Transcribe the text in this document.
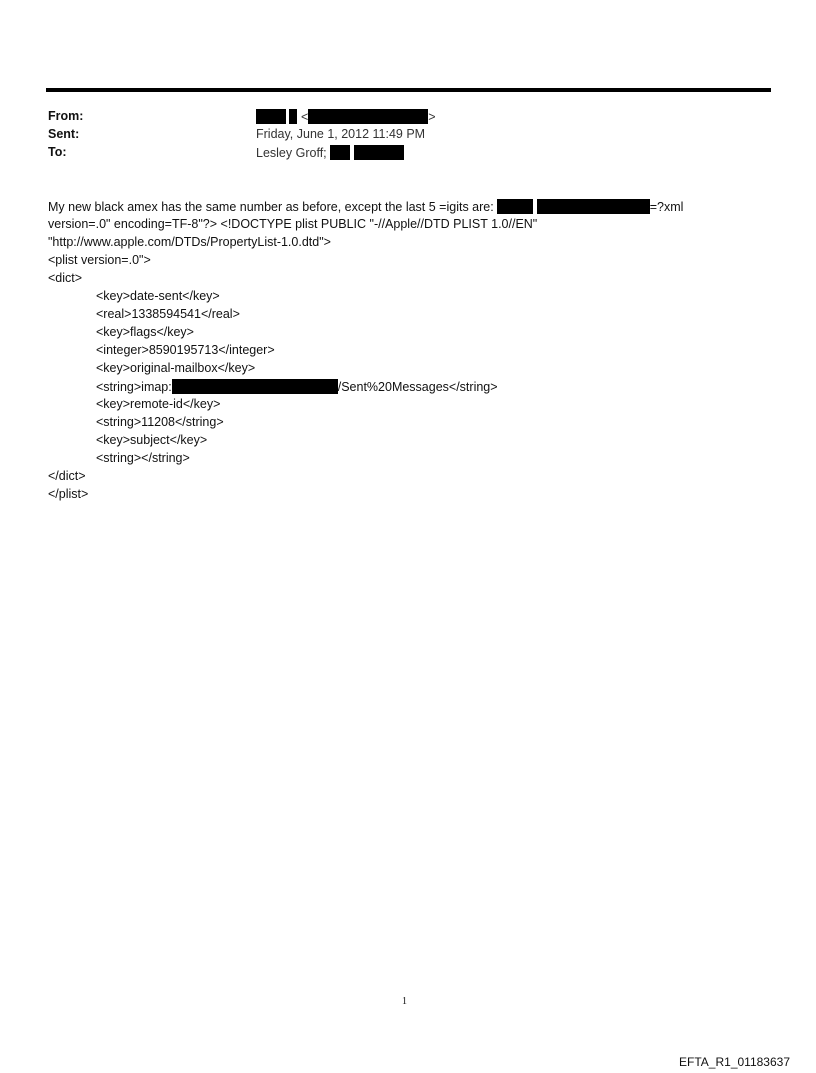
From:	<	>
Sent:	Friday, June 1, 2012 11:49 PM
To:	Lesley Groff;
My new black amex has the same number as before, except the last 5 =igits are:	=?xml
version=.0" encoding=TF-8"?> <!DOCTYPE plist PUBLIC "-//Apple//DTD PLIST 1.0//EN"
"http://www.apple.com/DTDs/PropertyList-1.0.dtd">
<plist version=.0">
<dict>
<key>date-sent</key>
<real>1338594541</real>
<key>flags</key>
<integer>8590195713</integer>
<key>original-mailbox</key>
<string>imap:	/Sent%20Messages</string>
<key>remote-id</key>
<string>11208</string>
<key>subject</key>
<string></string>
</dict>
</plist>
1
EFTA_R1_01183637
